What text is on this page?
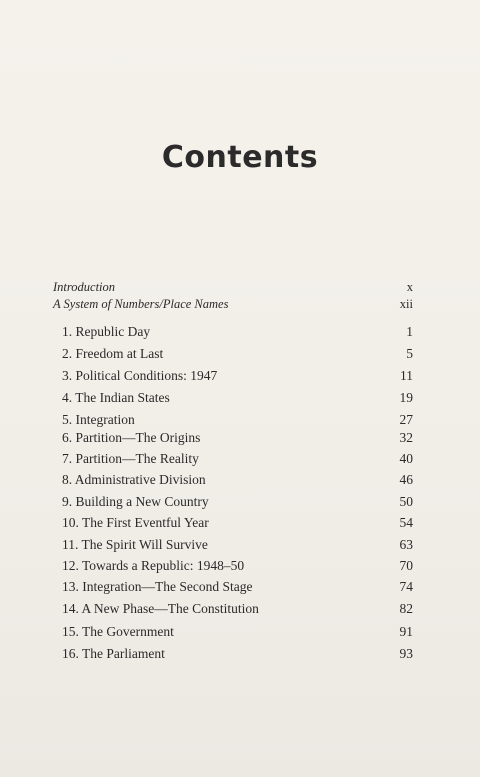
Contents
Introduction	x
A System of Numbers/Place Names	xii
1. Republic Day	1
2. Freedom at Last	5
3. Political Conditions: 1947	11
4. The Indian States	19
5. Integration	27
6. Partition—The Origins	32
7. Partition—The Reality	40
8. Administrative Division	46
9. Building a New Country	50
10. The First Eventful Year	54
11. The Spirit Will Survive	63
12. Towards a Republic: 1948–50	70
13. Integration—The Second Stage	74
14. A New Phase—The Constitution	82
15. The Government	91
16. The Parliament	93
